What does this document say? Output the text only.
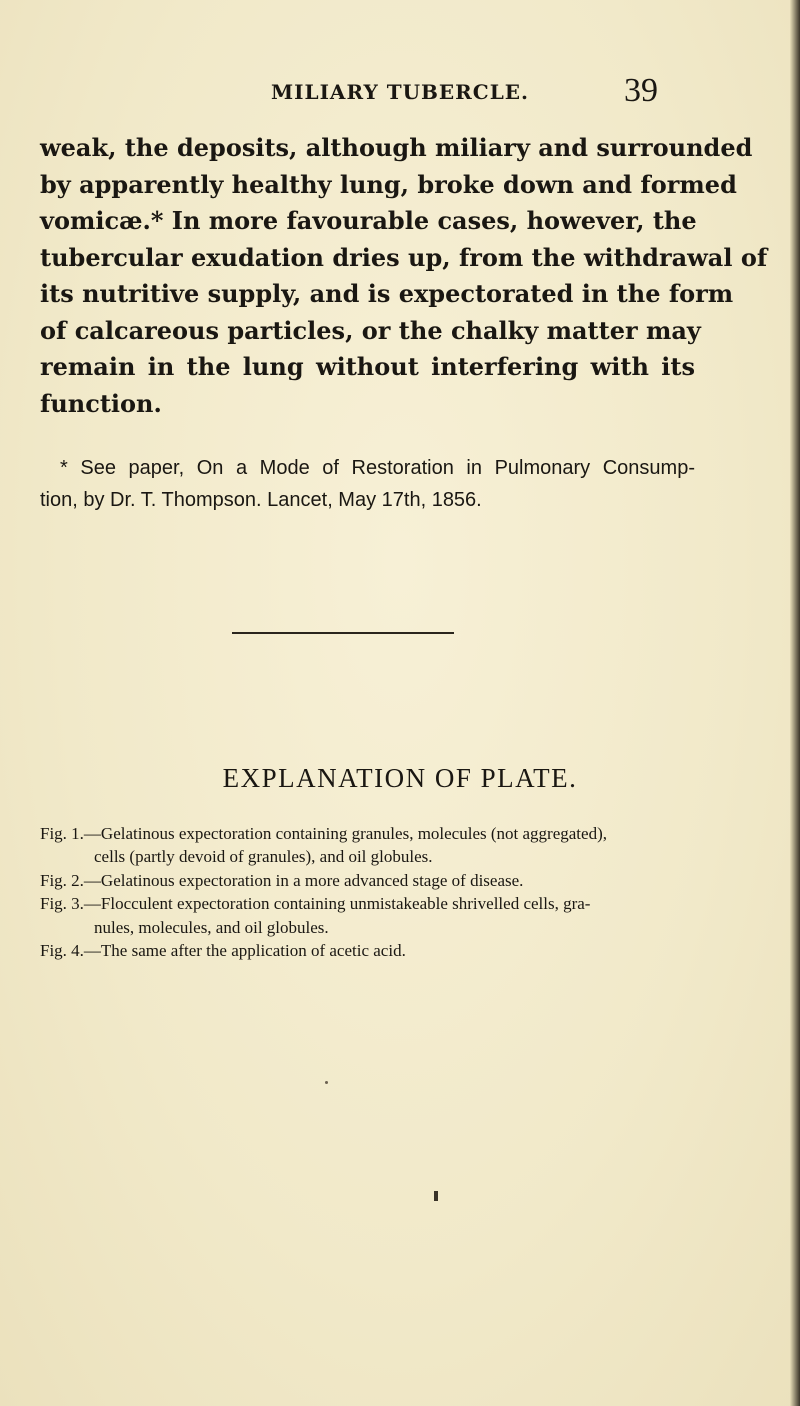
MILIARY TUBERCLE.	39
weak, the deposits, although miliary and surrounded
by apparently healthy lung, broke down and formed
vomicæ.* In more favourable cases, however, the
tubercular exudation dries up, from the withdrawal of
its nutritive supply, and is expectorated in the form
of calcareous particles, or the chalky matter may
remain in the lung without interfering with its
function.
* See paper, On a Mode of Restoration in Pulmonary Consump-
tion, by Dr. T. Thompson. Lancet, May 17th, 1856.
EXPLANATION OF PLATE.
Fig. 1.—Gelatinous expectoration containing granules, molecules (not aggregated),
cells (partly devoid of granules), and oil globules.
Fig. 2.—Gelatinous expectoration in a more advanced stage of disease.
Fig. 3.—Flocculent expectoration containing unmistakeable shrivelled cells, gra-
nules, molecules, and oil globules.
Fig. 4.—The same after the application of acetic acid.
